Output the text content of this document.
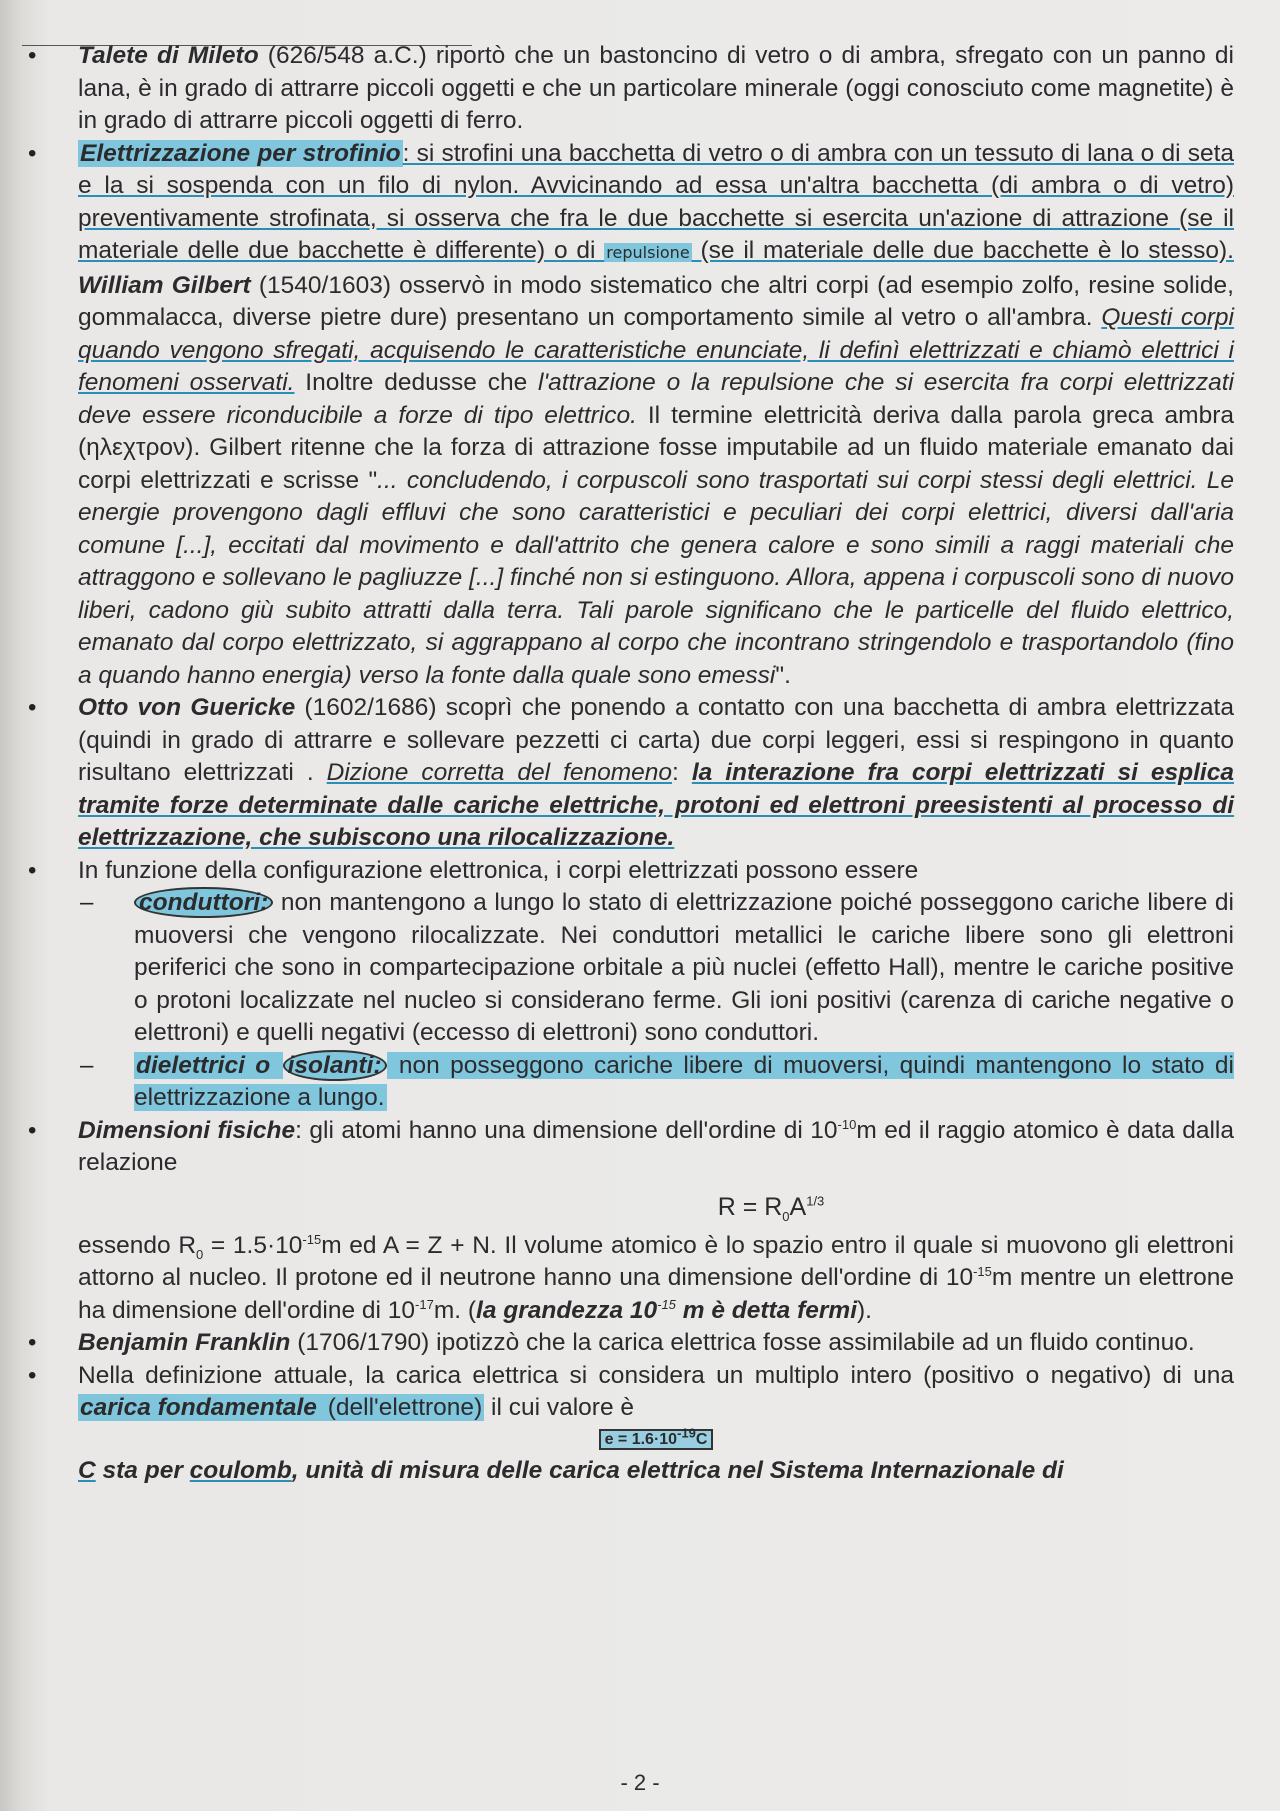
• Talete di Mileto (626/548 a.C.) riportò che un bastoncino di vetro o di ambra, sfregato con un panno di lana, è in grado di attrarre piccoli oggetti e che un particolare minerale (oggi conosciuto come magnetite) è in grado di attrarre piccoli oggetti di ferro.

• Elettrizzazione per strofinio: si strofini una bacchetta di vetro o di ambra con un tessuto di lana o di seta e la si sospenda con un filo di nylon. Avvicinando ad essa un'altra bacchetta (di ambra o di vetro) preventivamente strofinata, si osserva che fra le due bacchette si esercita un'azione di attrazione (se il materiale delle due bacchette è differente) o di repulsione (se il materiale delle due bacchette è lo stesso). William Gilbert (1540/1603) osservò in modo sistematico che altri corpi (ad esempio zolfo, resine solide, gommalacca, diverse pietre dure) presentano un comportamento simile al vetro o all'ambra. Questi corpi quando vengono sfregati, acquisendo le caratteristiche enunciate, li definì elettrizzati e chiamò elettrici i fenomeni osservati. Inoltre dedusse che l'attrazione o la repulsione che si esercita fra corpi elettrizzati deve essere riconducibile a forze di tipo elettrico. Il termine elettricità deriva dalla parola greca ambra (ηλεχτρον). Gilbert ritenne che la forza di attrazione fosse imputabile ad un fluido materiale emanato dai corpi elettrizzati e scrisse "... concludendo, i corpuscoli sono trasportati sui corpi stessi degli elettrici. Le energie provengono dagli effluvi che sono caratteristici e peculiari dei corpi elettrici, diversi dall'aria comune [...], eccitati dal movimento e dall'attrito che genera calore e sono simili a raggi materiali che attraggono e sollevano le pagliuzze [...] finché non si estinguono. Allora, appena i corpuscoli sono di nuovo liberi, cadono giù subito attratti dalla terra. Tali parole significano che le particelle del fluido elettrico, emanato dal corpo elettrizzato, si aggrappano al corpo che incontrano stringendolo e trasportandolo (fino a quando hanno energia) verso la fonte dalla quale sono emessi".

• Otto von Guericke (1602/1686) scoprì che ponendo a contatto con una bacchetta di ambra elettrizzata (quindi in grado di attrarre e sollevare pezzetti ci carta) due corpi leggeri, essi si respingono in quanto risultano elettrizzati . Dizione corretta del fenomeno: la interazione fra corpi elettrizzati si esplica tramite forze determinate dalle cariche elettriche, protoni ed elettroni preesistenti al processo di elettrizzazione, che subiscono una rilocalizzazione.

• In funzione della configurazione elettronica, i corpi elettrizzati possono essere

– conduttori: non mantengono a lungo lo stato di elettrizzazione poiché posseggono cariche libere di muoversi che vengono rilocalizzate. Nei conduttori metallici le cariche libere sono gli elettroni periferici che sono in compartecipazione orbitale a più nuclei (effetto Hall), mentre le cariche positive o protoni localizzate nel nucleo si considerano ferme. Gli ioni positivi (carenza di cariche negative o elettroni) e quelli negativi (eccesso di elettroni) sono conduttori.

– dielettrici o isolanti: non posseggono cariche libere di muoversi, quindi mantengono lo stato di elettrizzazione a lungo.

• Dimensioni fisiche: gli atomi hanno una dimensione dell'ordine di $10^{-10}m$ ed il raggio atomico è data dalla relazione

$R = R_0A^{1/3}$

essendo $R_0 = 1.5\cdot 10^{-15}m$ ed A = Z + N. Il volume atomico è lo spazio entro il quale si muovono gli elettroni attorno al nucleo. Il protone ed il neutrone hanno una dimensione dell'ordine di $10^{-15}m$ mentre un elettrone ha dimensione dell'ordine di $10^{-17}m$. (la grandezza $10^{-15}$ m è detta fermi).

• Benjamin Franklin (1706/1790) ipotizzò che la carica elettrica fosse assimilabile ad un fluido continuo.

• Nella definizione attuale, la carica elettrica si considera un multiplo intero (positivo o negativo) di una carica fondamentale (dell'elettrone) il cui valore è

$e = 1.6\cdot 10^{-19}C$

C sta per coulomb, unità di misura delle carica elettrica nel Sistema Internazionale di

- 2 -
